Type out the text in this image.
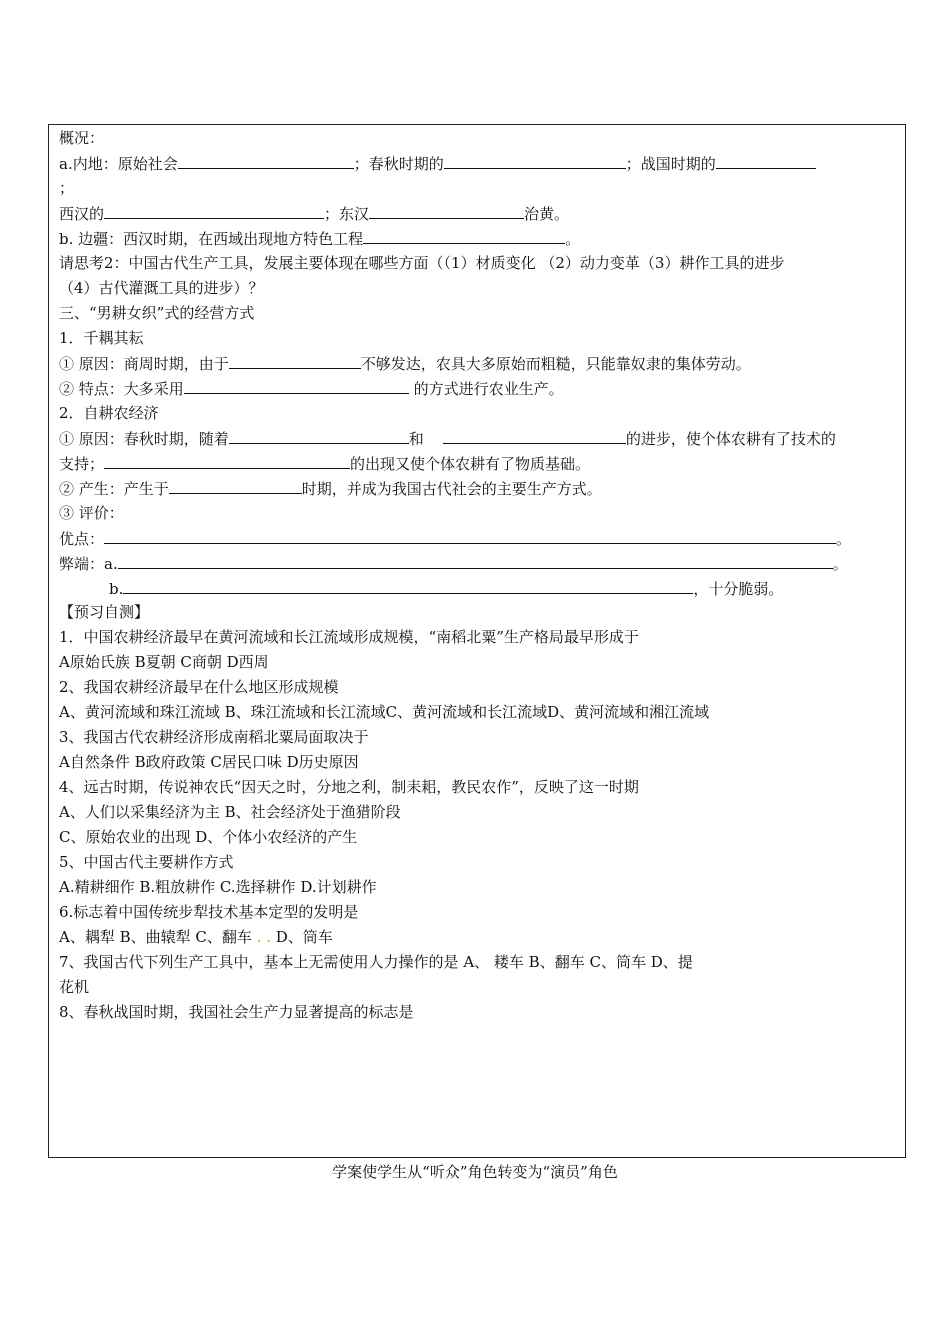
概况：
a.内地：原始社会	；春秋时期的	；战国时期的
；
西汉的	；东汉	治黄。
b. 边疆：西汉时期，在西域出现地方特色工程	。
请思考2：中国古代生产工具，发展主要体现在哪些方面（（1）材质变化 （2）动力变革（3）耕作工具的进步
（4）古代灌溉工具的进步）？
三、“男耕女织”式的经营方式
1．千耦其耘
① 原因：商周时期，由于	不够发达，农具大多原始而粗糙，只能靠奴隶的集体劳动。
② 特点：大多采用	的方式进行农业生产。
2．自耕农经济
① 原因：春秋时期，随着	和	的进步，使个体农耕有了技术的
支持；	的出现又使个体农耕有了物质基础。
② 产生：产生于	时期，并成为我国古代社会的主要生产方式。
③ 评价：
优点：	。
弊端：a.	。
b.	，十分脆弱。
【预习自测】
1．中国农耕经济最早在黄河流域和长江流域形成规模，“南稻北粟”生产格局最早形成于
A原始氏族 B夏朝 C商朝 D西周
2、我国农耕经济最早在什么地区形成规模
A、黄河流域和珠江流域 B、珠江流域和长江流域C、黄河流域和长江流域D、黄河流域和湘江流域
3、我国古代农耕经济形成南稻北粟局面取决于
A自然条件 B政府政策 C居民口味 D历史原因
4、远古时期，传说神农氏“因天之时，分地之利，制耒耜，教民农作”，反映了这一时期
A、人们以采集经济为主 B、社会经济处于渔猎阶段
C、原始农业的出现 D、个体小农经济的产生
5、中国古代主要耕作方式
A.精耕细作 B.粗放耕作 C.选择耕作 D.计划耕作
6.标志着中国传统步犁技术基本定型的发明是
A、耦犁 B、曲辕犁 C、翻车 . . D、筒车
7、我国古代下列生产工具中，基本上无需使用人力操作的是 A、 耧车 B、翻车 C、筒车 D、提
花机
8、春秋战国时期，我国社会生产力显著提高的标志是
学案使学生从“听众”角色转变为“演员”角色
